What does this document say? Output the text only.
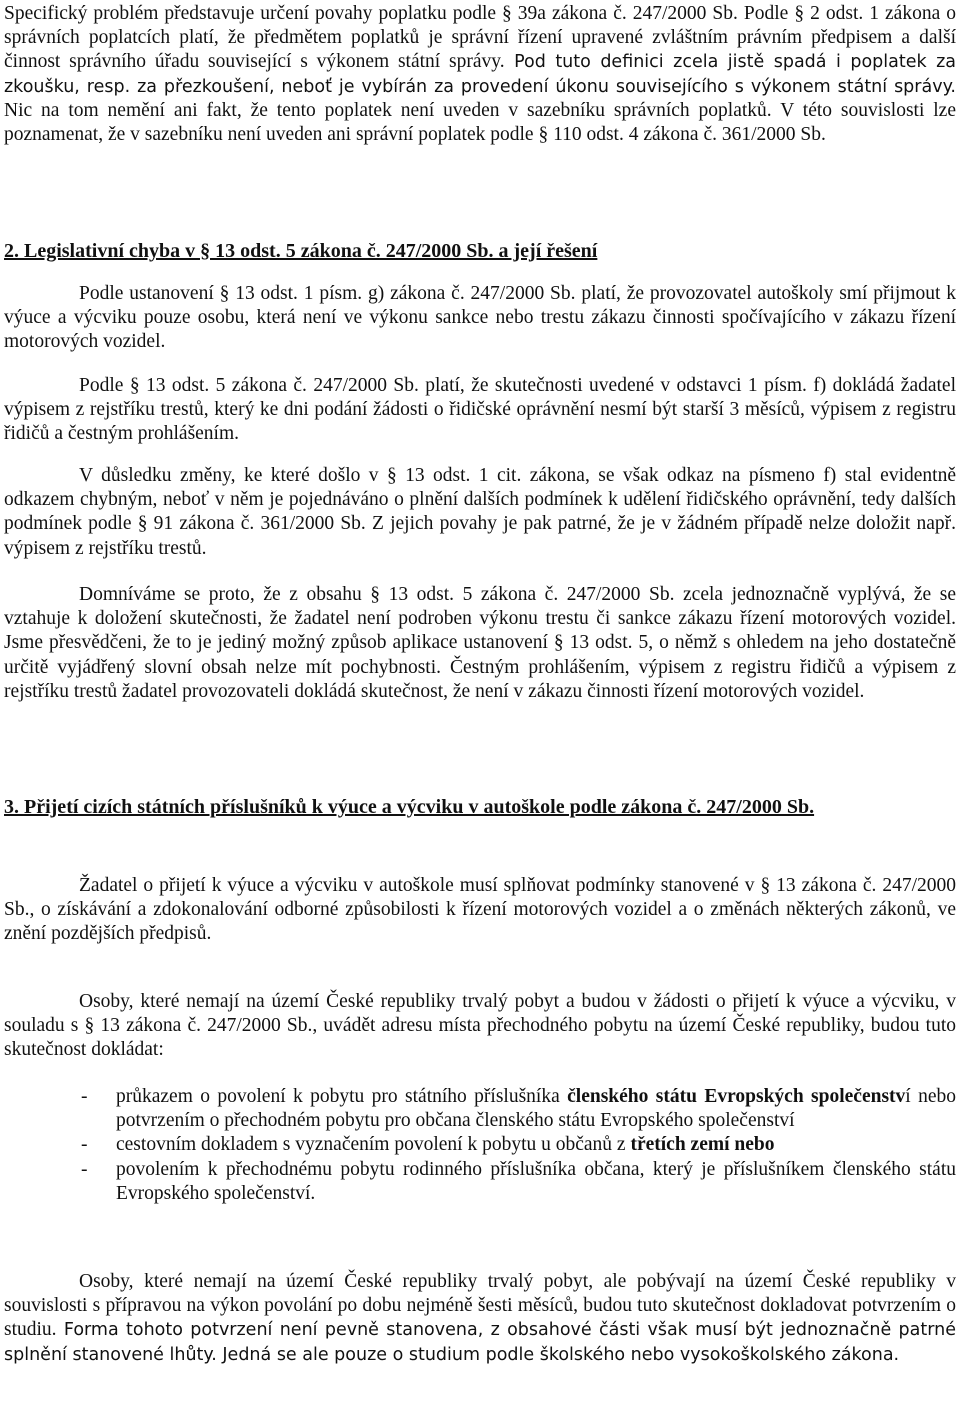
Specifický problém představuje určení povahy poplatku podle § 39a zákona č. 247/2000 Sb. Podle § 2 odst. 1 zákona o správních poplatcích platí, že předmětem poplatků je správní řízení upravené zvláštním právním předpisem a další činnost správního úřadu související s výkonem státní správy. Pod tuto definici zcela jistě spadá i poplatek za zkoušku, resp. za přezkoušení, neboť je vybírán za provedení úkonu souvisejícího s výkonem státní správy. Nic na tom nemění ani fakt, že tento poplatek není uveden v sazebníku správních poplatků. V této souvislosti lze poznamenat, že v sazebníku není uveden ani správní poplatek podle § 110 odst. 4 zákona č. 361/2000 Sb.

2. Legislativní chyba v § 13 odst. 5 zákona č. 247/2000 Sb. a její řešení

Podle ustanovení § 13 odst. 1 písm. g) zákona č. 247/2000 Sb. platí, že provozovatel autoškoly smí přijmout k výuce a výcviku pouze osobu, která není ve výkonu sankce nebo trestu zákazu činnosti spočívajícího v zákazu řízení motorových vozidel.

Podle § 13 odst. 5 zákona č. 247/2000 Sb. platí, že skutečnosti uvedené v odstavci 1 písm. f) dokládá žadatel výpisem z rejstříku trestů, který ke dni podání žádosti o řidičské oprávnění nesmí být starší 3 měsíců, výpisem z registru řidičů a čestným prohlášením.

V důsledku změny, ke které došlo v § 13 odst. 1 cit. zákona, se však odkaz na písmeno f) stal evidentně odkazem chybným, neboť v něm je pojednáváno o plnění dalších podmínek k udělení řidičského oprávnění, tedy dalších podmínek podle § 91 zákona č. 361/2000 Sb. Z jejich povahy je pak patrné, že je v žádném případě nelze doložit např. výpisem z rejstříku trestů.

Domníváme se proto, že z obsahu § 13 odst. 5 zákona č. 247/2000 Sb. zcela jednoznačně vyplývá, že se vztahuje k doložení skutečnosti, že žadatel není podroben výkonu trestu či sankce zákazu řízení motorových vozidel. Jsme přesvědčeni, že to je jediný možný způsob aplikace ustanovení § 13 odst. 5, o němž s ohledem na jeho dostatečně určitě vyjádřený slovní obsah nelze mít pochybnosti. Čestným prohlášením, výpisem z registru řidičů a výpisem z rejstříku trestů žadatel provozovateli dokládá skutečnost, že není v zákazu činnosti řízení motorových vozidel.

3. Přijetí cizích státních příslušníků k výuce a výcviku v autoškole podle zákona č. 247/2000 Sb.

Žadatel o přijetí k výuce a výcviku v autoškole musí splňovat podmínky stanovené v § 13 zákona č. 247/2000 Sb., o získávání a zdokonalování odborné způsobilosti k řízení motorových vozidel a o změnách některých zákonů, ve znění pozdějších předpisů.

Osoby, které nemají na území České republiky trvalý pobyt a budou v žádosti o přijetí k výuce a výcviku, v souladu s § 13 zákona č. 247/2000 Sb., uvádět adresu místa přechodného pobytu na území České republiky, budou tuto skutečnost dokládat:

- průkazem o povolení k pobytu pro státního příslušníka členského státu Evropských společenství nebo potvrzením o přechodném pobytu pro občana členského státu Evropského společenství
- cestovním dokladem s vyznačením povolení k pobytu u občanů z třetích zemí nebo
- povolením k přechodnému pobytu rodinného příslušníka občana, který je příslušníkem členského státu Evropského společenství.

Osoby, které nemají na území České republiky trvalý pobyt, ale pobývají na území České republiky v souvislosti s přípravou na výkon povolání po dobu nejméně šesti měsíců, budou tuto skutečnost dokladovat potvrzením o studiu. Forma tohoto potvrzení není pevně stanovena, z obsahové části však musí být jednoznačně patrné splnění stanovené lhůty. Jedná se ale pouze o studium podle školského nebo vysokoškolského zákona.
